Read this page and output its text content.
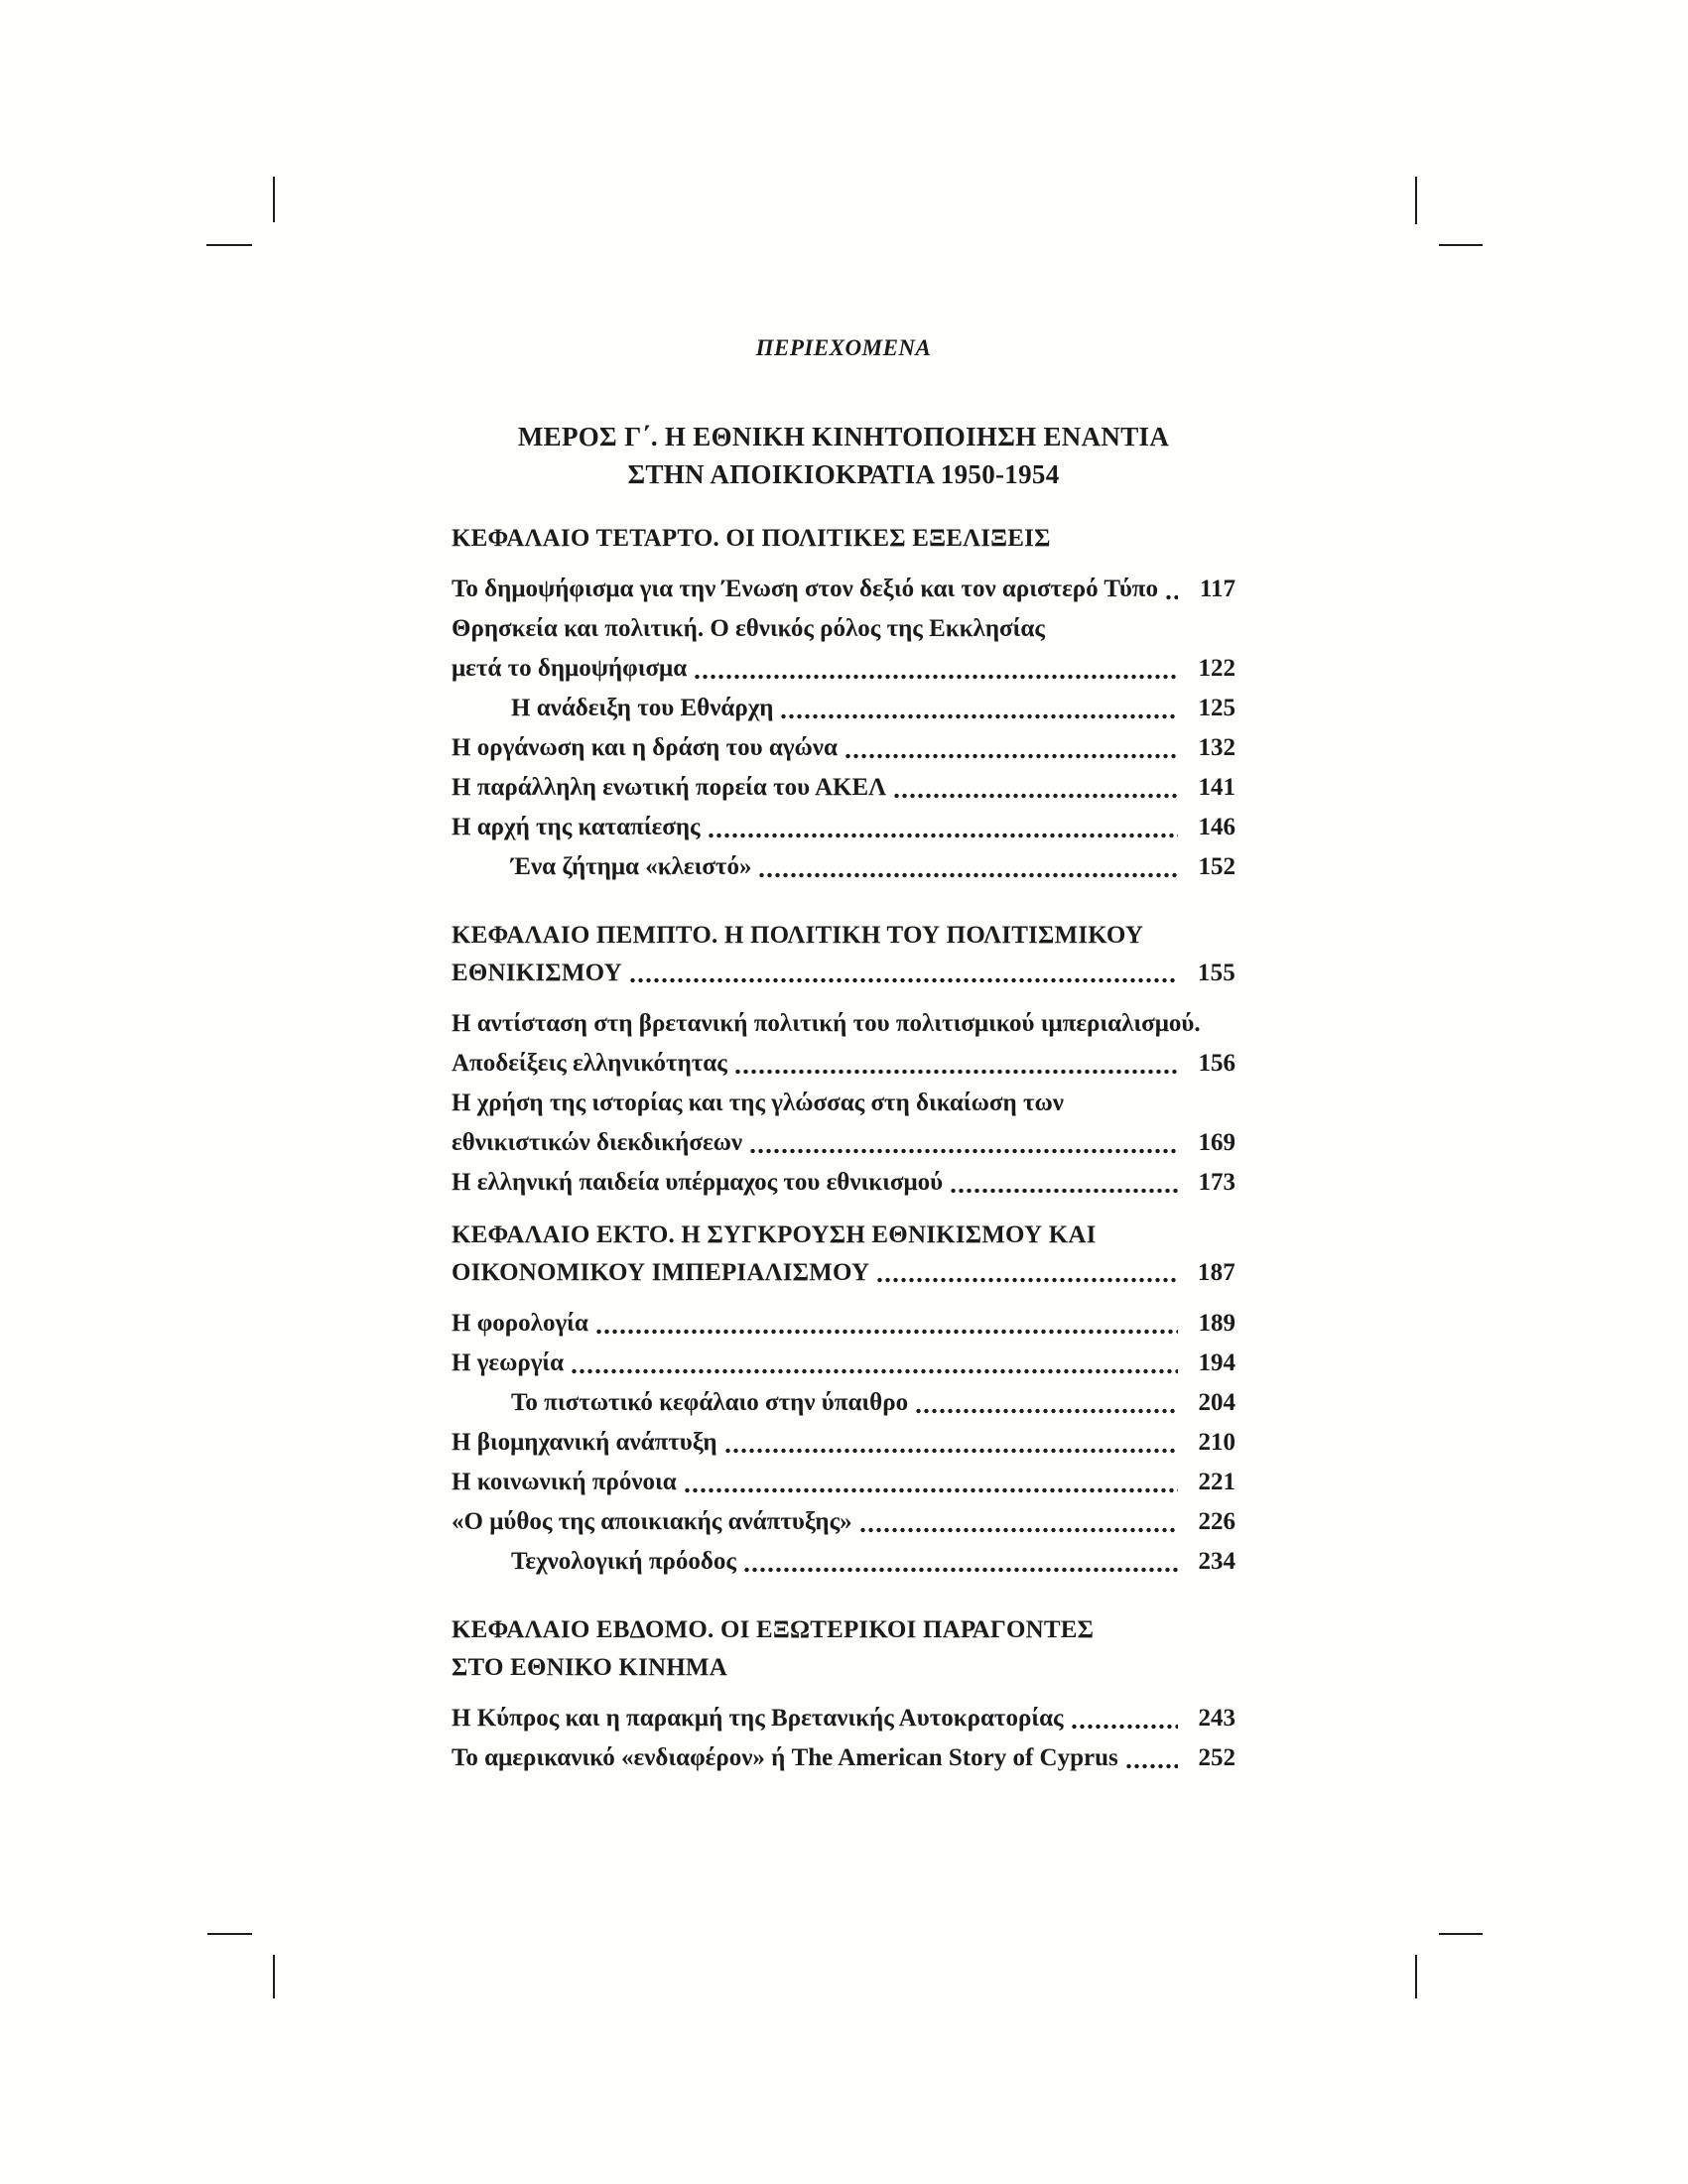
ΠΕΡΙΕΧΟΜΕΝΑ
ΜΕΡΟΣ Γ΄. Η ΕΘΝΙΚΗ ΚΙΝΗΤΟΠΟΙΗΣΗ ΕΝΑΝΤΙΑ
ΣΤΗΝ ΑΠΟΙΚΙΟΚΡΑΤΙΑ 1950-1954
ΚΕΦΑΛΑΙΟ ΤΕΤΑΡΤΟ. ΟΙ ΠΟΛΙΤΙΚΕΣ ΕΞΕΛΙΞΕΙΣ
Το δημοψήφισμα για την Ένωση στον δεξιό και τον αριστερό Τύπο	117
Θρησκεία και πολιτική. Ο εθνικός ρόλος της Εκκλησίας
μετά το δημοψήφισμα	122
Η ανάδειξη του Εθνάρχη	125
Η οργάνωση και η δράση του αγώνα	132
Η παράλληλη ενωτική πορεία του ΑΚΕΛ	141
Η αρχή της καταπίεσης	146
Ένα ζήτημα «κλειστό»	152
ΚΕΦΑΛΑΙΟ ΠΕΜΠΤΟ. Η ΠΟΛΙΤΙΚΗ ΤΟΥ ΠΟΛΙΤΙΣΜΙΚΟΥ
ΕΘΝΙΚΙΣΜΟΥ	155
Η αντίσταση στη βρετανική πολιτική του πολιτισμικού ιμπεριαλισμού.
Αποδείξεις ελληνικότητας	156
Η χρήση της ιστορίας και της γλώσσας στη δικαίωση των
εθνικιστικών διεκδικήσεων	169
Η ελληνική παιδεία υπέρμαχος του εθνικισμού	173
ΚΕΦΑΛΑΙΟ ΕΚΤΟ. Η ΣΥΓΚΡΟΥΣΗ ΕΘΝΙΚΙΣΜΟΥ ΚΑΙ
ΟΙΚΟΝΟΜΙΚΟΥ ΙΜΠΕΡΙΑΛΙΣΜΟΥ	187
Η φορολογία	189
Η γεωργία	194
Το πιστωτικό κεφάλαιο στην ύπαιθρο	204
Η βιομηχανική ανάπτυξη	210
Η κοινωνική πρόνοια	221
«Ο μύθος της αποικιακής ανάπτυξης»	226
Τεχνολογική πρόοδος	234
ΚΕΦΑΛΑΙΟ ΕΒΔΟΜΟ. ΟΙ ΕΞΩΤΕΡΙΚΟΙ ΠΑΡΑΓΟΝΤΕΣ
ΣΤΟ ΕΘΝΙΚΟ ΚΙΝΗΜΑ
Η Κύπρος και η παρακμή της Βρετανικής Αυτοκρατορίας	243
Το αμερικανικό «ενδιαφέρον» ή The American Story of Cyprus	252
